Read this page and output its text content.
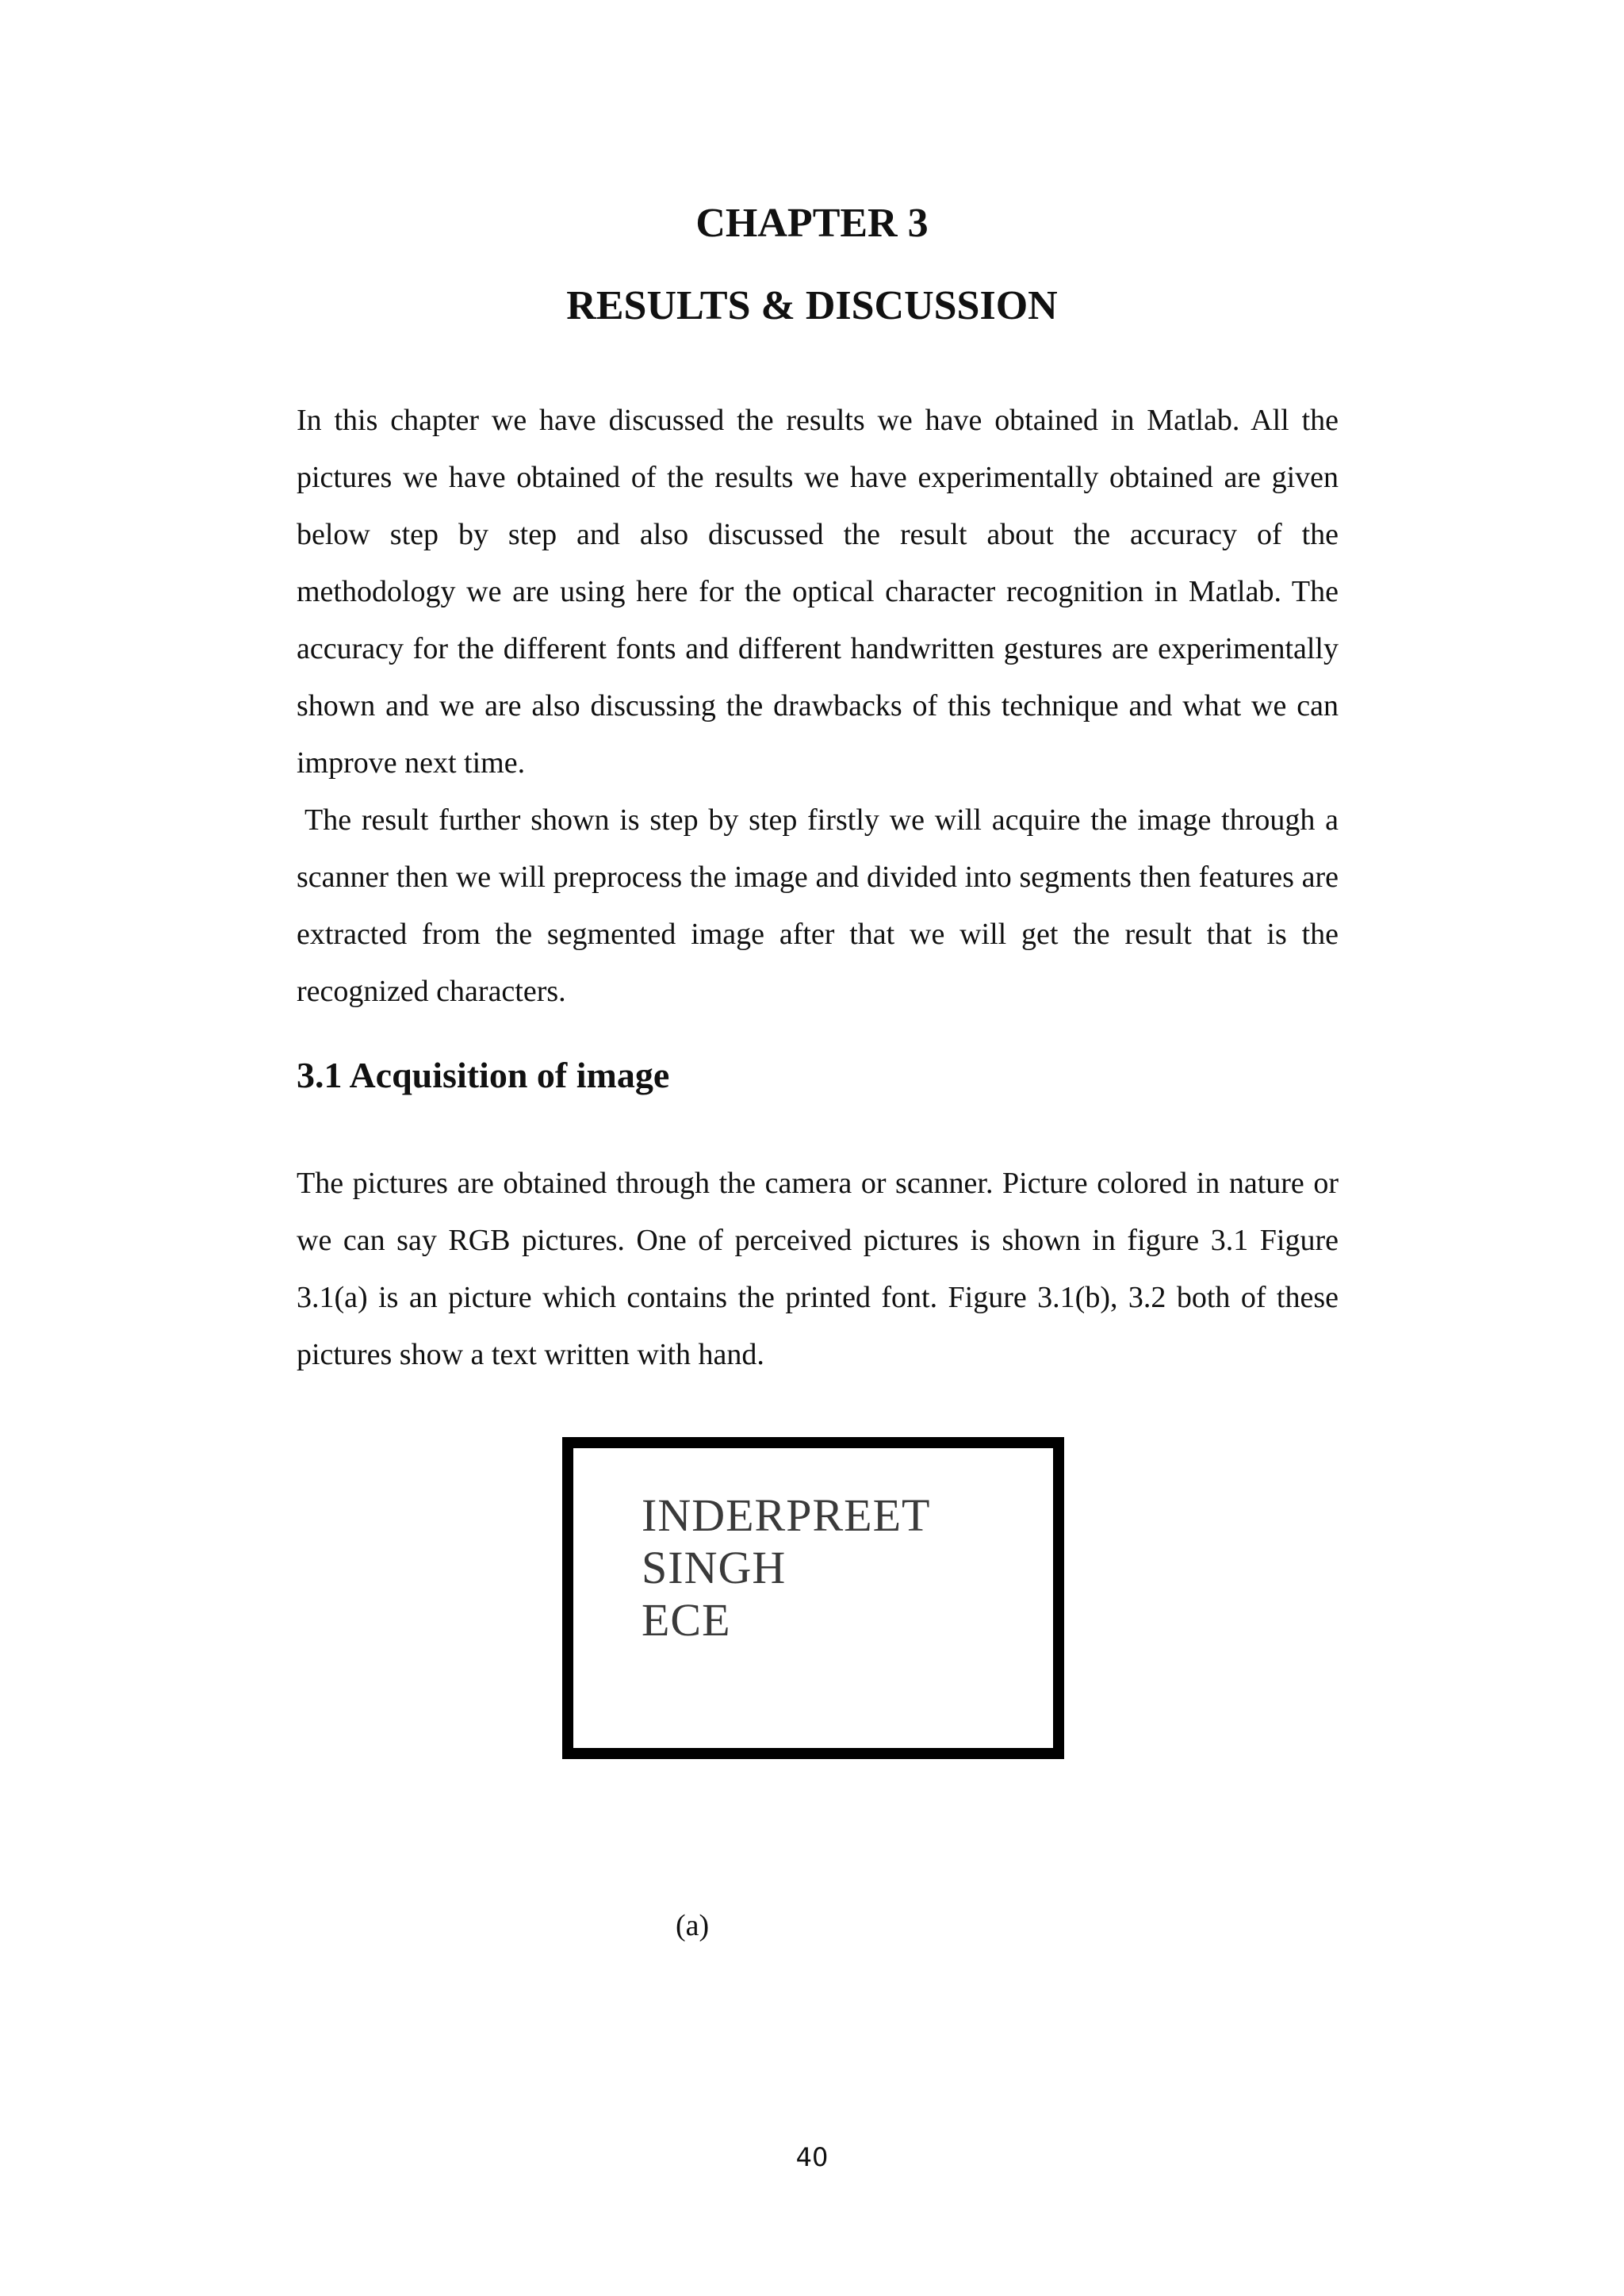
CHAPTER 3
RESULTS & DISCUSSION

In this chapter we have discussed the results we have obtained in Matlab. All the pictures we have obtained of the results we have experimentally obtained are given below step by step and also discussed the result about the accuracy of the methodology we are using here for the optical character recognition in Matlab. The accuracy for the different fonts and different handwritten gestures are experimentally shown and we are also discussing the drawbacks of this technique and what we can improve next time.

The result further shown is step by step firstly we will acquire the image through a scanner then we will preprocess the image and divided into segments then features are extracted from the segmented image after that we will get the result that is the recognized characters.

3.1 Acquisition of image

The pictures are obtained through the camera or scanner. Picture colored in nature or we can say RGB pictures. One of perceived pictures is shown in figure 3.1 Figure 3.1(a) is an picture which contains the printed font. Figure 3.1(b), 3.2 both of these pictures show a text written with hand.

INDERPREET
SINGH
ECE
(a)
40
